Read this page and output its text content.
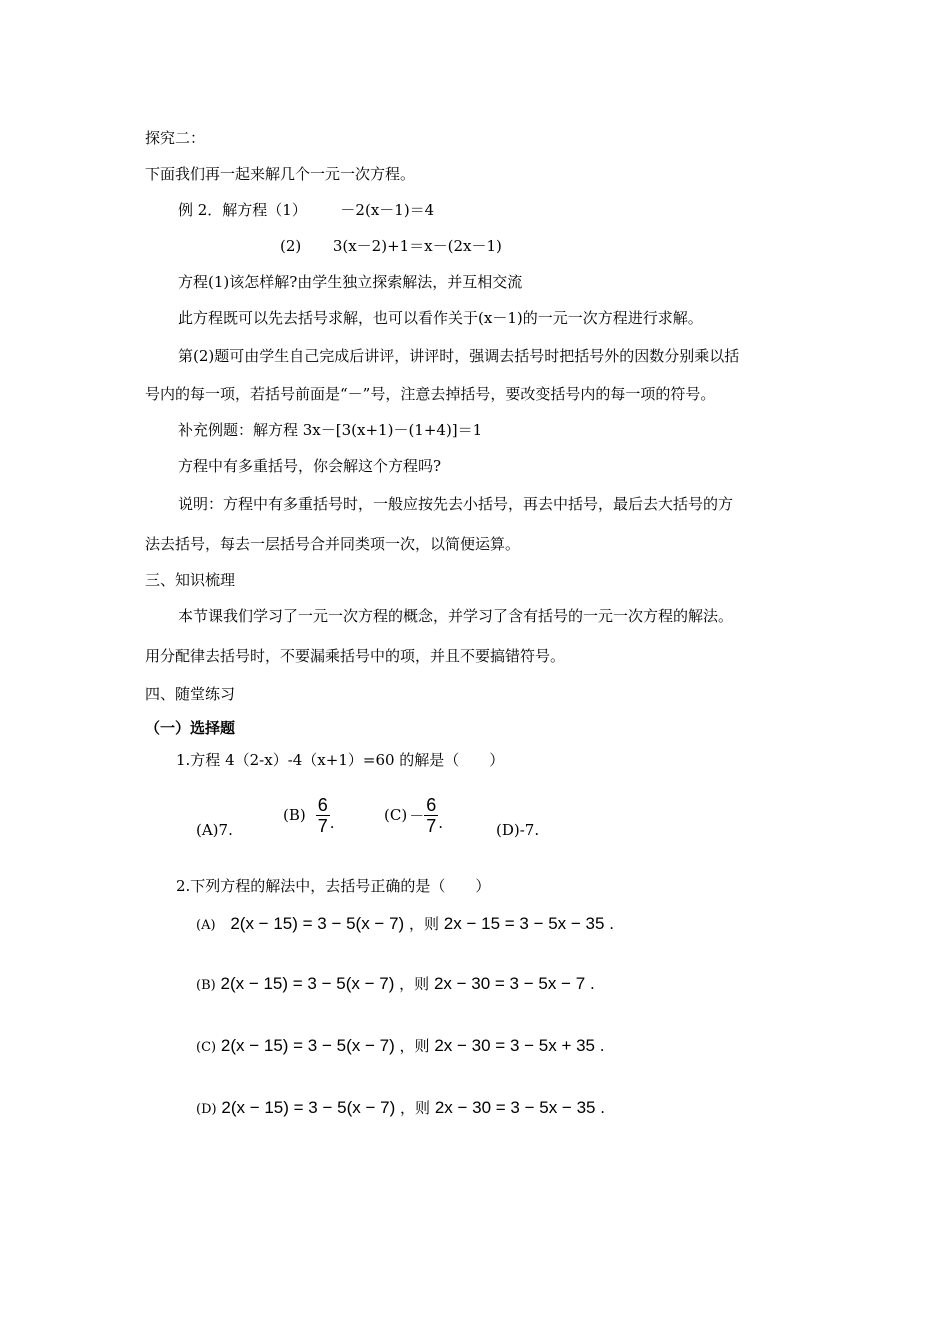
探究二：
下面我们再一起来解几个一元一次方程。
例 2．解方程（1） －2(x－1)＝4
(2) 3(x－2)+1＝x－(2x－1)
方程(1)该怎样解?由学生独立探索解法，并互相交流
此方程既可以先去括号求解，也可以看作关于(x－1)的一元一次方程进行求解。
第(2)题可由学生自己完成后讲评，讲评时，强调去括号时把括号外的因数分别乘以括
号内的每一项，若括号前面是“－”号，注意去掉括号，要改变括号内的每一项的符号。
补充例题：解方程 3x－[3(x+1)－(1+4)]＝1
方程中有多重括号，你会解这个方程吗?
说明：方程中有多重括号时，一般应按先去小括号，再去中括号，最后去大括号的方
法去括号，每去一层括号合并同类项一次，以简便运算。
三、知识梳理
本节课我们学习了一元一次方程的概念，并学习了含有括号的一元一次方程的解法。
用分配律去括号时，不要漏乘括号中的项，并且不要搞错符号。
四、随堂练习
（一）选择题
1.方程 4（2-x）-4（x+1）=60 的解是（　　）
(A)7.
$(B) \frac{6}{7}$ .	$(C) - \frac{6}{7}$ .	(D)-7.
2.下列方程的解法中，去括号正确的是（　　）
(A) 2(x − 15) = 3 − 5(x − 7) ，则 2x − 15 = 3 − 5x − 35 .
(B) 2(x − 15) = 3 − 5(x − 7) ，则 2x − 30 = 3 − 5x − 7 .
(C) 2(x − 15) = 3 − 5(x − 7) ，则 2x − 30 = 3 − 5x + 35 .
(D) 2(x − 15) = 3 − 5(x − 7) ，则 2x − 30 = 3 − 5x − 35 .
